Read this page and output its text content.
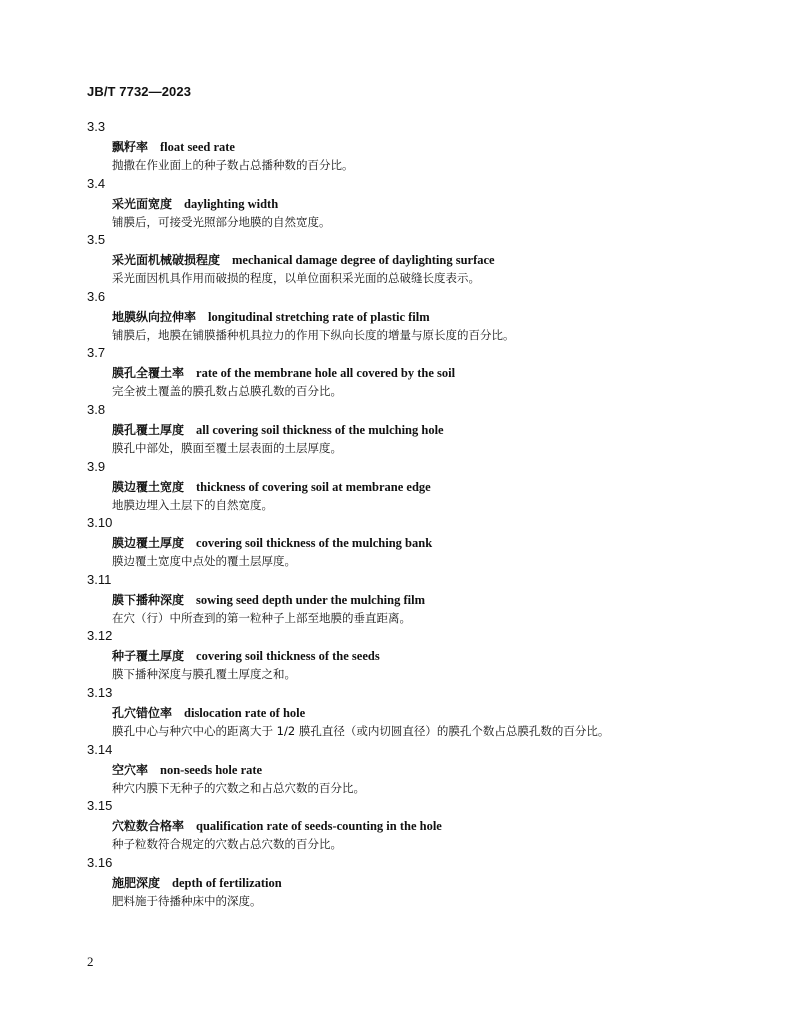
JB/T 7732—2023
3.3
飘籽率 float seed rate
抛撒在作业面上的种子数占总播种数的百分比。
3.4
采光面宽度 daylighting width
铺膜后，可接受光照部分地膜的自然宽度。
3.5
采光面机械破损程度 mechanical damage degree of daylighting surface
采光面因机具作用而破损的程度，以单位面积采光面的总破缝长度表示。
3.6
地膜纵向拉伸率 longitudinal stretching rate of plastic film
铺膜后，地膜在铺膜播种机具拉力的作用下纵向长度的增量与原长度的百分比。
3.7
膜孔全覆土率 rate of the membrane hole all covered by the soil
完全被土覆盖的膜孔数占总膜孔数的百分比。
3.8
膜孔覆土厚度 all covering soil thickness of the mulching hole
膜孔中部处，膜面至覆土层表面的土层厚度。
3.9
膜边覆土宽度 thickness of covering soil at membrane edge
地膜边埋入土层下的自然宽度。
3.10
膜边覆土厚度 covering soil thickness of the mulching bank
膜边覆土宽度中点处的覆土层厚度。
3.11
膜下播种深度 sowing seed depth under the mulching film
在穴（行）中所查到的第一粒种子上部至地膜的垂直距离。
3.12
种子覆土厚度 covering soil thickness of the seeds
膜下播种深度与膜孔覆土厚度之和。
3.13
孔穴错位率 dislocation rate of hole
膜孔中心与种穴中心的距离大于 1/2 膜孔直径（或内切圆直径）的膜孔个数占总膜孔数的百分比。
3.14
空穴率 non-seeds hole rate
种穴内膜下无种子的穴数之和占总穴数的百分比。
3.15
穴粒数合格率 qualification rate of seeds-counting in the hole
种子粒数符合规定的穴数占总穴数的百分比。
3.16
施肥深度 depth of fertilization
肥料施于待播种床中的深度。
2
